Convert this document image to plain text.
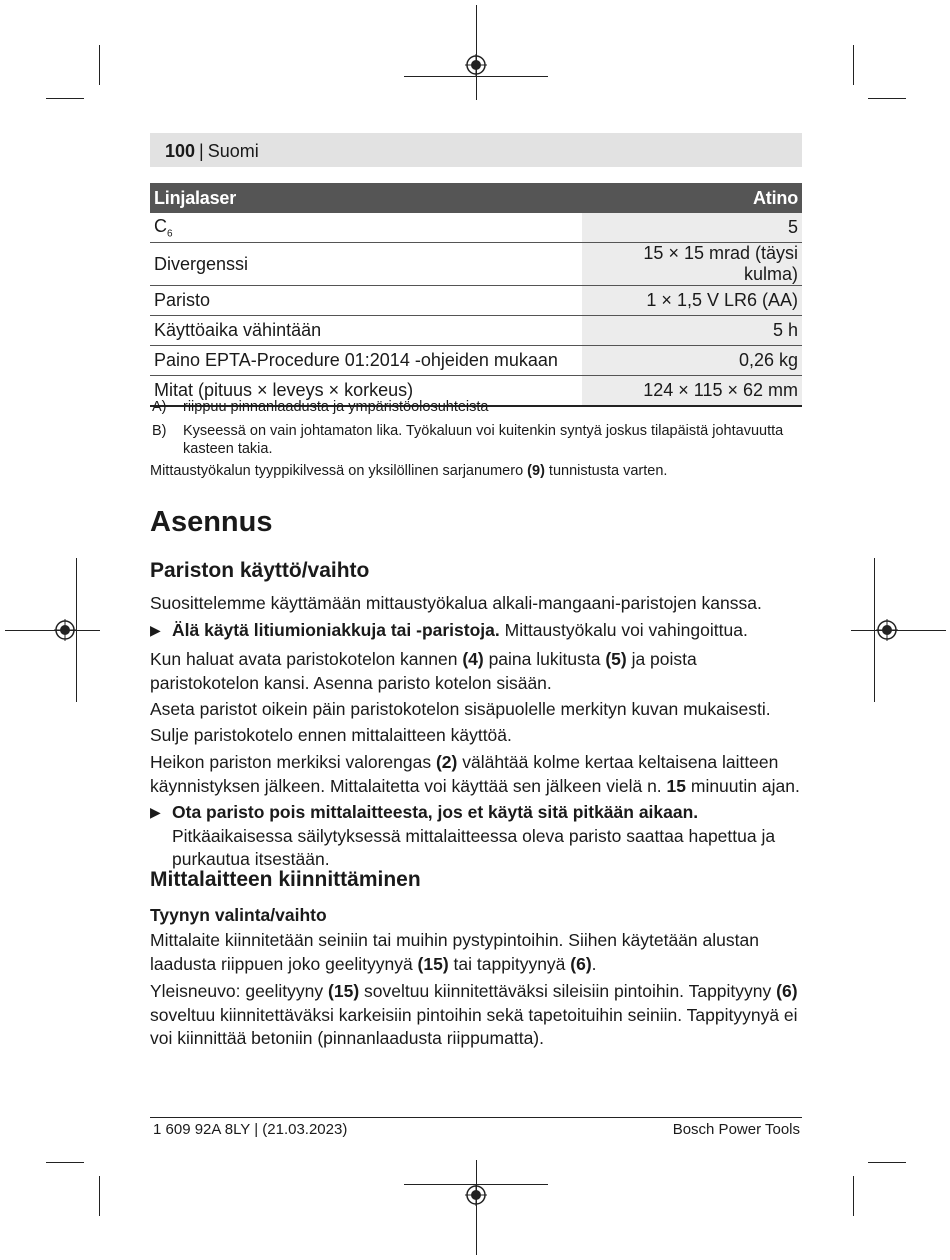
100 | Suomi
Linjalaser	Atino
$C_6$	5
Divergenssi	15 × 15 mrad (täysi kulma)
Paristo	1 × 1,5 V LR6 (AA)
Käyttöaika vähintään	5 h
Paino EPTA-Procedure 01:2014 -ohjeiden mukaan	0,26 kg
Mitat (pituus × leveys × korkeus)	124 × 115 × 62 mm
A) riippuu pinnanlaadusta ja ympäristöolosuhteista
B) Kyseessä on vain johtamaton lika. Työkaluun voi kuitenkin syntyä joskus tilapäistä johtavuutta kasteen takia.
Mittaustyökalun tyyppikilvessä on yksilöllinen sarjanumero (9) tunnistusta varten.
Asennus
Pariston käyttö/vaihto
Suosittelemme käyttämään mittaustyökalua alkali-mangaani-paristojen kanssa.
▶ Älä käytä litiumioniakkuja tai -paristoja. Mittaustyökalu voi vahingoittua.
Kun haluat avata paristokotelon kannen (4) paina lukitusta (5) ja poista paristokotelon kansi. Asenna paristo kotelon sisään.
Aseta paristot oikein päin paristokotelon sisäpuolelle merkityn kuvan mukaisesti.
Sulje paristokotelo ennen mittalaitteen käyttöä.
Heikon pariston merkiksi valorengas (2) välähtää kolme kertaa keltaisena laitteen käynnistyksen jälkeen. Mittalaitetta voi käyttää sen jälkeen vielä n. 15 minuutin ajan.
▶ Ota paristo pois mittalaitteesta, jos et käytä sitä pitkään aikaan. Pitkäaikaisessa säilytyksessä mittalaitteessa oleva paristo saattaa hapettua ja purkautua itsestään.
Mittalaitteen kiinnittäminen
Tyynyn valinta/vaihto
Mittalaite kiinnitetään seiniin tai muihin pystypintoihin. Siihen käytetään alustan laadusta riippuen joko geelityynyä (15) tai tappityynyä (6).
Yleisneuvo: geelityyny (15) soveltuu kiinnitettäväksi sileisiin pintoihin. Tappityyny (6) soveltuu kiinnitettäväksi karkeisiin pintoihin sekä tapetoituihin seiniin. Tappityynyä ei voi kiinnittää betoniin (pinnanlaadusta riippumatta).
1 609 92A 8LY | (21.03.2023)	Bosch Power Tools
